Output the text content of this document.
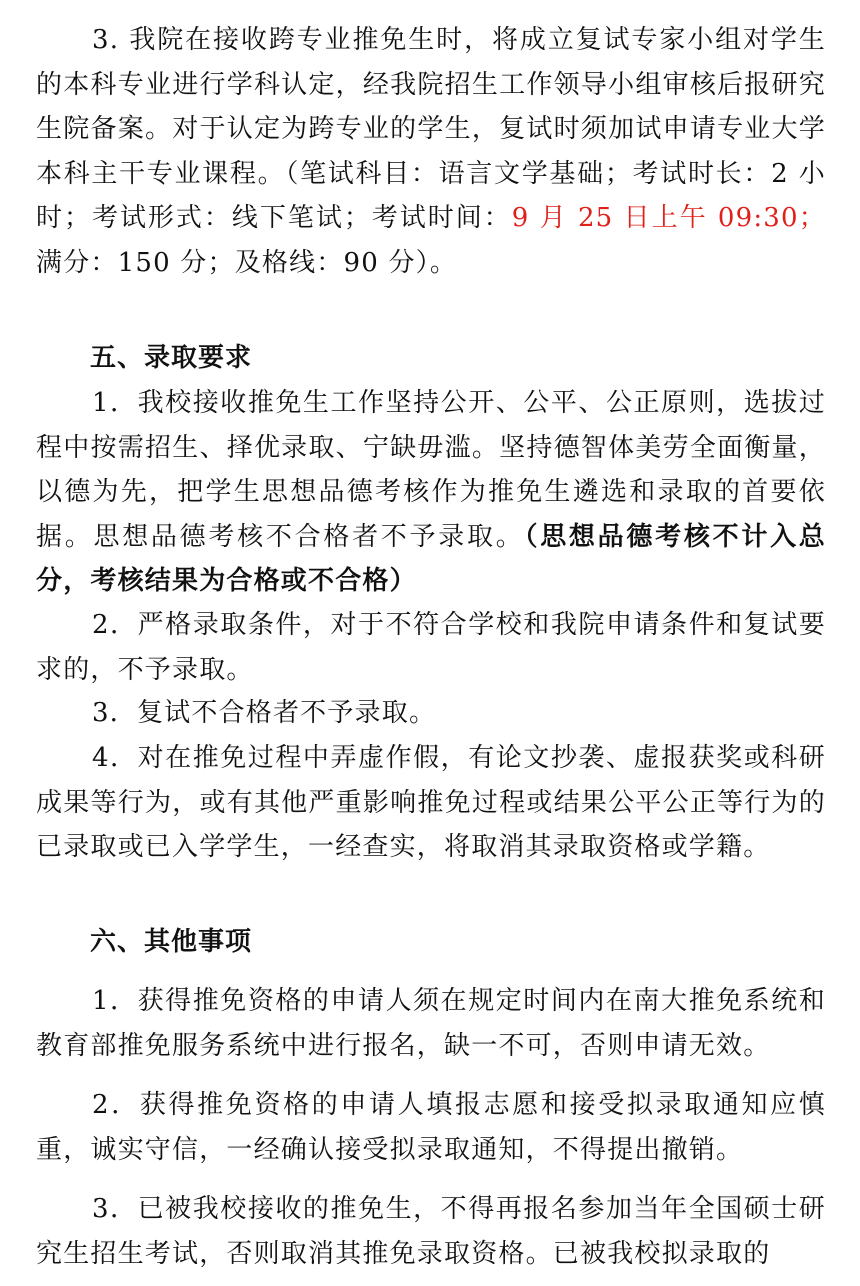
3. 我院在接收跨专业推免生时，将成立复试专家小组对学生的本科专业进行学科认定，经我院招生工作领导小组审核后报研究生院备案。对于认定为跨专业的学生，复试时须加试申请专业大学本科主干专业课程。（笔试科目：语言文学基础；考试时长：2 小时；考试形式：线下笔试；考试时间：9 月 25 日上午 09:30；满分：150 分；及格线：90 分）。

五、录取要求

1．我校接收推免生工作坚持公开、公平、公正原则，选拔过程中按需招生、择优录取、宁缺毋滥。坚持德智体美劳全面衡量，以德为先，把学生思想品德考核作为推免生遴选和录取的首要依据。思想品德考核不合格者不予录取。（思想品德考核不计入总分，考核结果为合格或不合格）

2．严格录取条件，对于不符合学校和我院申请条件和复试要求的，不予录取。

3．复试不合格者不予录取。

4．对在推免过程中弄虚作假，有论文抄袭、虚报获奖或科研成果等行为，或有其他严重影响推免过程或结果公平公正等行为的已录取或已入学学生，一经查实，将取消其录取资格或学籍。

六、其他事项

1．获得推免资格的申请人须在规定时间内在南大推免系统和教育部推免服务系统中进行报名，缺一不可，否则申请无效。

2．获得推免资格的申请人填报志愿和接受拟录取通知应慎重，诚实守信，一经确认接受拟录取通知，不得提出撤销。

3．已被我校接收的推免生，不得再报名参加当年全国硕士研究生招生考试，否则取消其推免录取资格。已被我校拟录取的
